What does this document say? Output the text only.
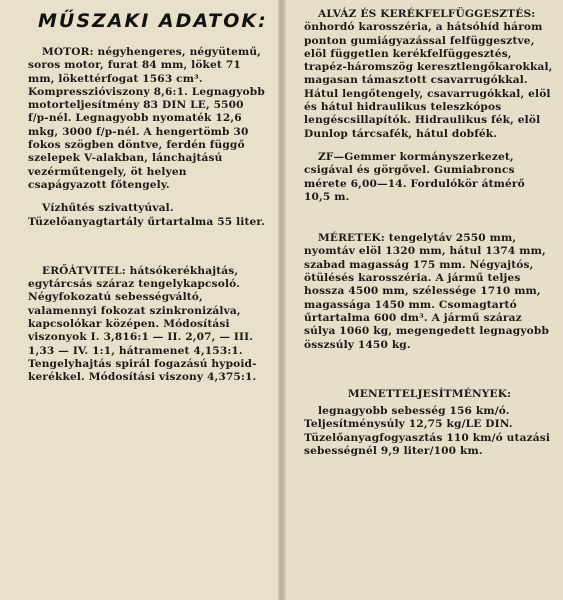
MŰSZAKI ADATOK:

MOTOR: négyhengeres, négyütemű, soros motor, furat 84 mm, löket 71 mm, lökettérfogat 1563 cm³. Kompresszióviszony 8,6:1. Legnagyobb motorteljesítmény 83 DIN LE, 5500 f/p-nél. Legnagyobb nyomaték 12,6 mkg, 3000 f/p-nél. A hengertömb 30 fokos szögben döntve, ferdén függő szelepek V-alakban, lánchajtású vezérműtengely, öt helyen csapágyazott főtengely.

Vízhűtés szivattyúval. Tüzelőanyagtartály űrtartalma 55 liter.

ERŐÁTVITEL: hátsókerékhajtás, egytárcsás száraz tengelykapcsoló. Négyfokozatú sebességváltó, valamennyi fokozat szinkronizálva, kapcsolókar középen. Módosítási viszonyok I. 3,816:1 — II. 2,07, — III. 1,33 — IV. 1:1, hátramenet 4,153:1. Tengelyhajtás spirál fogazású hypoid-kerékkel. Módosítási viszony 4,375:1.

ALVÁZ ÉS KERÉKFELFÜGGESZTÉS: önhordó karosszéria, a hátsóhíd három ponton gumiágyazással felfüggesztve, elöl független kerékfelfüggesztés, trapéz-háromszög keresztlengőkarokkal, magasan támasztott csavarrugókkal. Hátul lengőtengely, csavarrugókkal, elöl és hátul hidraulikus teleszkópos lengéscsillapítók. Hidraulikus fék, elöl Dunlop tárcsafék, hátul dobfék.

ZF—Gemmer kormányszerkezet, csigával és görgővel. Gumiabroncs mérete 6,00—14. Fordulókör átmérő 10,5 m.

MÉRETEK: tengelytáv 2550 mm, nyomtáv elöl 1320 mm, hátul 1374 mm, szabad magasság 175 mm. Négyajtós, ötülésés karosszéria. A jármű teljes hossza 4500 mm, szélessége 1710 mm, magassága 1450 mm. Csomagtartó űrtartalma 600 dm³. A jármű száraz súlya 1060 kg, megengedett legnagyobb összsúly 1450 kg.

MENETTELJESÍTMÉNYEK:

legnagyobb sebesség 156 km/ó. Teljesítménysúly 12,75 kg/LE DIN. Tüzelőanyagfogyasztás 110 km/ó utazási sebességnél 9,9 liter/100 km.
